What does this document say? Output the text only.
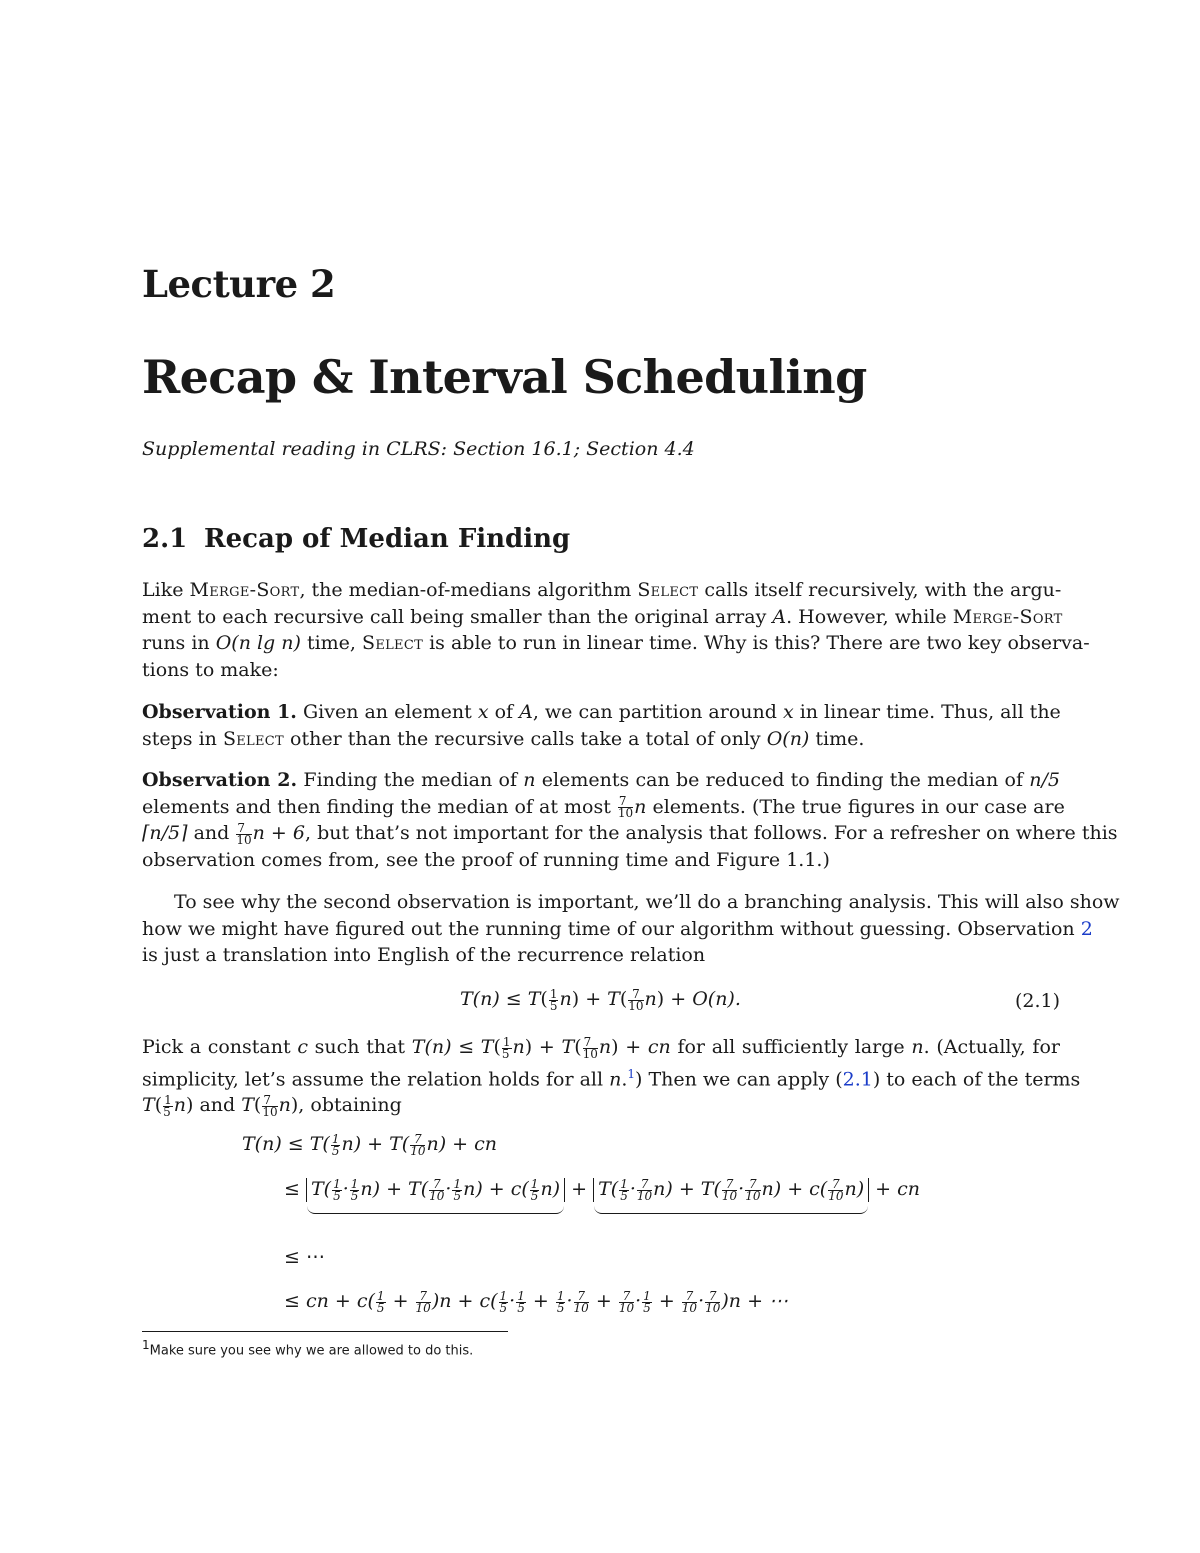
Lecture 2
Recap & Interval Scheduling
Supplemental reading in CLRS: Section 16.1; Section 4.4
2.1 Recap of Median Finding
Like Merge-Sort, the median-of-medians algorithm Select calls itself recursively, with the argu-
ment to each recursive call being smaller than the original array A. However, while Merge-Sort
runs in O(n lg n) time, Select is able to run in linear time. Why is this? There are two key observa-
tions to make:
Observation 1. Given an element x of A, we can partition around x in linear time. Thus, all the
steps in Select other than the recursive calls take a total of only O(n) time.
Observation 2. Finding the median of n elements can be reduced to finding the median of n/5
elements and then finding the median of at most $\frac{7}{10}$ n elements. (The true figures in our case are
⌈n/5⌉ and $\frac{7}{10}$ n + 6, but that’s not important for the analysis that follows. For a refresher on where this
observation comes from, see the proof of running time and Figure 1.1.)
To see why the second observation is important, we’ll do a branching analysis. This will also show
how we might have figured out the running time of our algorithm without guessing. Observation 2
is just a translation into English of the recurrence relation
$T(n) \le T( \frac{1}{5} n) + T( \frac{7}{10} n) + O(n)$.	(2.1)
Pick a constant c such that $T(n) \le T( \frac{1}{5} n) + T( \frac{7}{10} n)$ + cn for all sufficiently large n. (Actually, for
simplicity, let’s assume the relation holds for all n.$^1$) Then we can apply (2.1) to each of the terms
$T( \frac{1}{5} n)$ and $T( \frac{7}{10} n)$, obtaining
$T(n) \le T( \frac{1}{5} n) + T( \frac{7}{10} n)$ + cn
≤ $T( \frac{1}{5} \cdot \frac{1}{5} n) + T( \frac{7}{10} \cdot \frac{1}{5} n) + c( \frac{1}{5} n)$
+ $T( \frac{1}{5} \cdot \frac{7}{10} n) + T( \frac{7}{10} \cdot \frac{7}{10} n) + c( \frac{7}{10} n)$
+ cn
≤ ⋯
≤ cn + $c( \frac{1}{5} + \frac{7}{10} )n + c( \frac{1}{5} \cdot \frac{1}{5} + \frac{1}{5} \cdot \frac{7}{10} + \frac{7}{10} \cdot \frac{1}{5} + \frac{7}{10} \cdot \frac{7}{10} )n$ + ⋯
$^1$Make sure you see why we are allowed to do this.
